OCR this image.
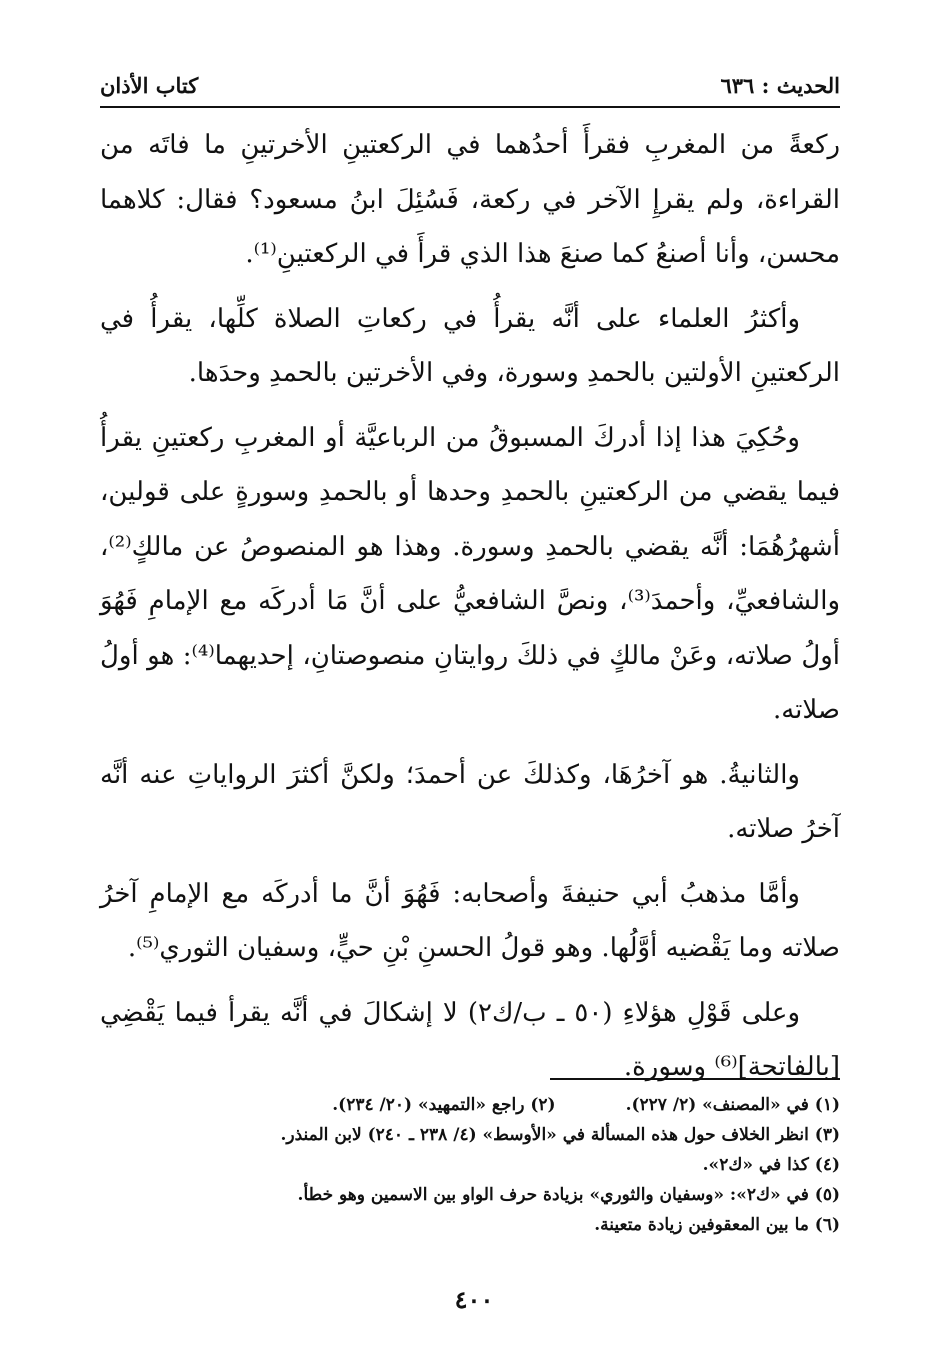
الحديث : ٦٣٦
كتاب الأذان

ركعةً من المغربِ فقرأَ أحدُهما في الركعتينِ الأخرتينِ ما فاتَه من القراءة، ولم يقرإِ الآخر في ركعة، فَسُئِلَ ابنُ مسعود؟ فقال: كلاهما محسن، وأنا أصنعُ كما صنعَ هذا الذي قرأَ في الركعتينِ⁽¹⁾.

وأكثرُ العلماء على أنَّه يقرأُ في ركعاتِ الصلاة كلِّها، يقرأُ في الركعتينِ الأولتين بالحمدِ وسورة، وفي الأخرتين بالحمدِ وحدَها.

وحُكِيَ هذا إذا أدركَ المسبوقُ من الرباعيَّة أو المغربِ ركعتينِ يقرأُ فيما يقضي من الركعتينِ بالحمدِ وحدها أو بالحمدِ وسورةٍ على قولين، أشهرُهُمَا: أنَّه يقضي بالحمدِ وسورة. وهذا هو المنصوصُ عن مالكٍ⁽²⁾، والشافعيِّ، وأحمدَ⁽³⁾، ونصَّ الشافعيُّ على أنَّ مَا أدركَه مع الإمامِ فَهُوَ أولُ صلاته، وعَنْ مالكٍ في ذلكَ روايتانِ منصوصتانِ، إحديهما⁽⁴⁾: هو أولُ صلاته.

والثانيةُ. هو آخرُهَا، وكذلكَ عن أحمدَ؛ ولكنَّ أكثرَ الرواياتِ عنه أنَّه آخرُ صلاته.

وأمَّا مذهبُ أبي حنيفةَ وأصحابه: فَهُوَ أنَّ ما أدركَه مع الإمامِ آخرُ صلاته وما يَقْضيه أوَّلُها. وهو قولُ الحسنِ بْنِ حيٍّ، وسفيان الثوري⁽⁵⁾.

وعلى قَوْلِ هؤلاءِ (٥٠ ـ ب/ك٢) لا إشكالَ في أنَّه يقرأ فيما يَقْضِي [بالفاتحة]⁽⁶⁾ وسورة.

(١) في «المصنف» (٢/ ٢٢٧).
(٢) راجع «التمهيد» (٢٠/ ٢٣٤).
(٣) انظر الخلاف حول هذه المسألة في «الأوسط» (٤/ ٢٣٨ ـ ٢٤٠) لابن المنذر.
(٤) كذا في «ك٢».
(٥) في «ك٢»: «وسفيان والثوري» بزيادة حرف الواو بين الاسمين وهو خطأ.
(٦) ما بين المعقوفين زيادة متعينة.
٤٠٠
